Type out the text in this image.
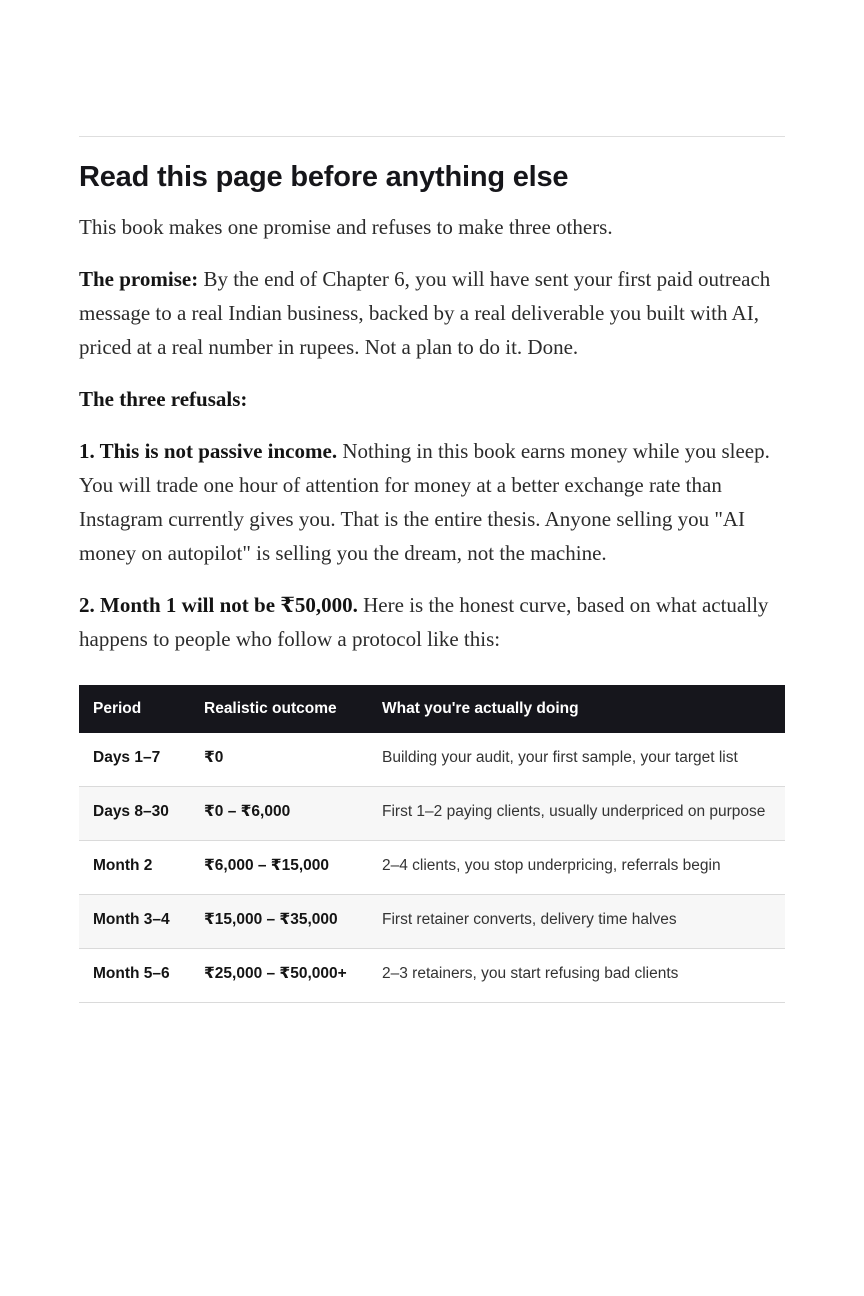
Read this page before anything else

This book makes one promise and refuses to make three others.

The promise: By the end of Chapter 6, you will have sent your first paid outreach message to a real Indian business, backed by a real deliverable you built with AI, priced at a real number in rupees. Not a plan to do it. Done.

The three refusals:

1. This is not passive income. Nothing in this book earns money while you sleep. You will trade one hour of attention for money at a better exchange rate than Instagram currently gives you. That is the entire thesis. Anyone selling you "AI money on autopilot" is selling you the dream, not the machine.

2. Month 1 will not be ₹50,000. Here is the honest curve, based on what actually happens to people who follow a protocol like this:

Period	Realistic outcome	What you're actually doing
Days 1–7	₹0	Building your audit, your first sample, your target list
Days 8–30	₹0 – ₹6,000	First 1–2 paying clients, usually underpriced on purpose
Month 2	₹6,000 – ₹15,000	2–4 clients, you stop underpricing, referrals begin
Month 3–4	₹15,000 – ₹35,000	First retainer converts, delivery time halves
Month 5–6	₹25,000 – ₹50,000+	2–3 retainers, you start refusing bad clients
